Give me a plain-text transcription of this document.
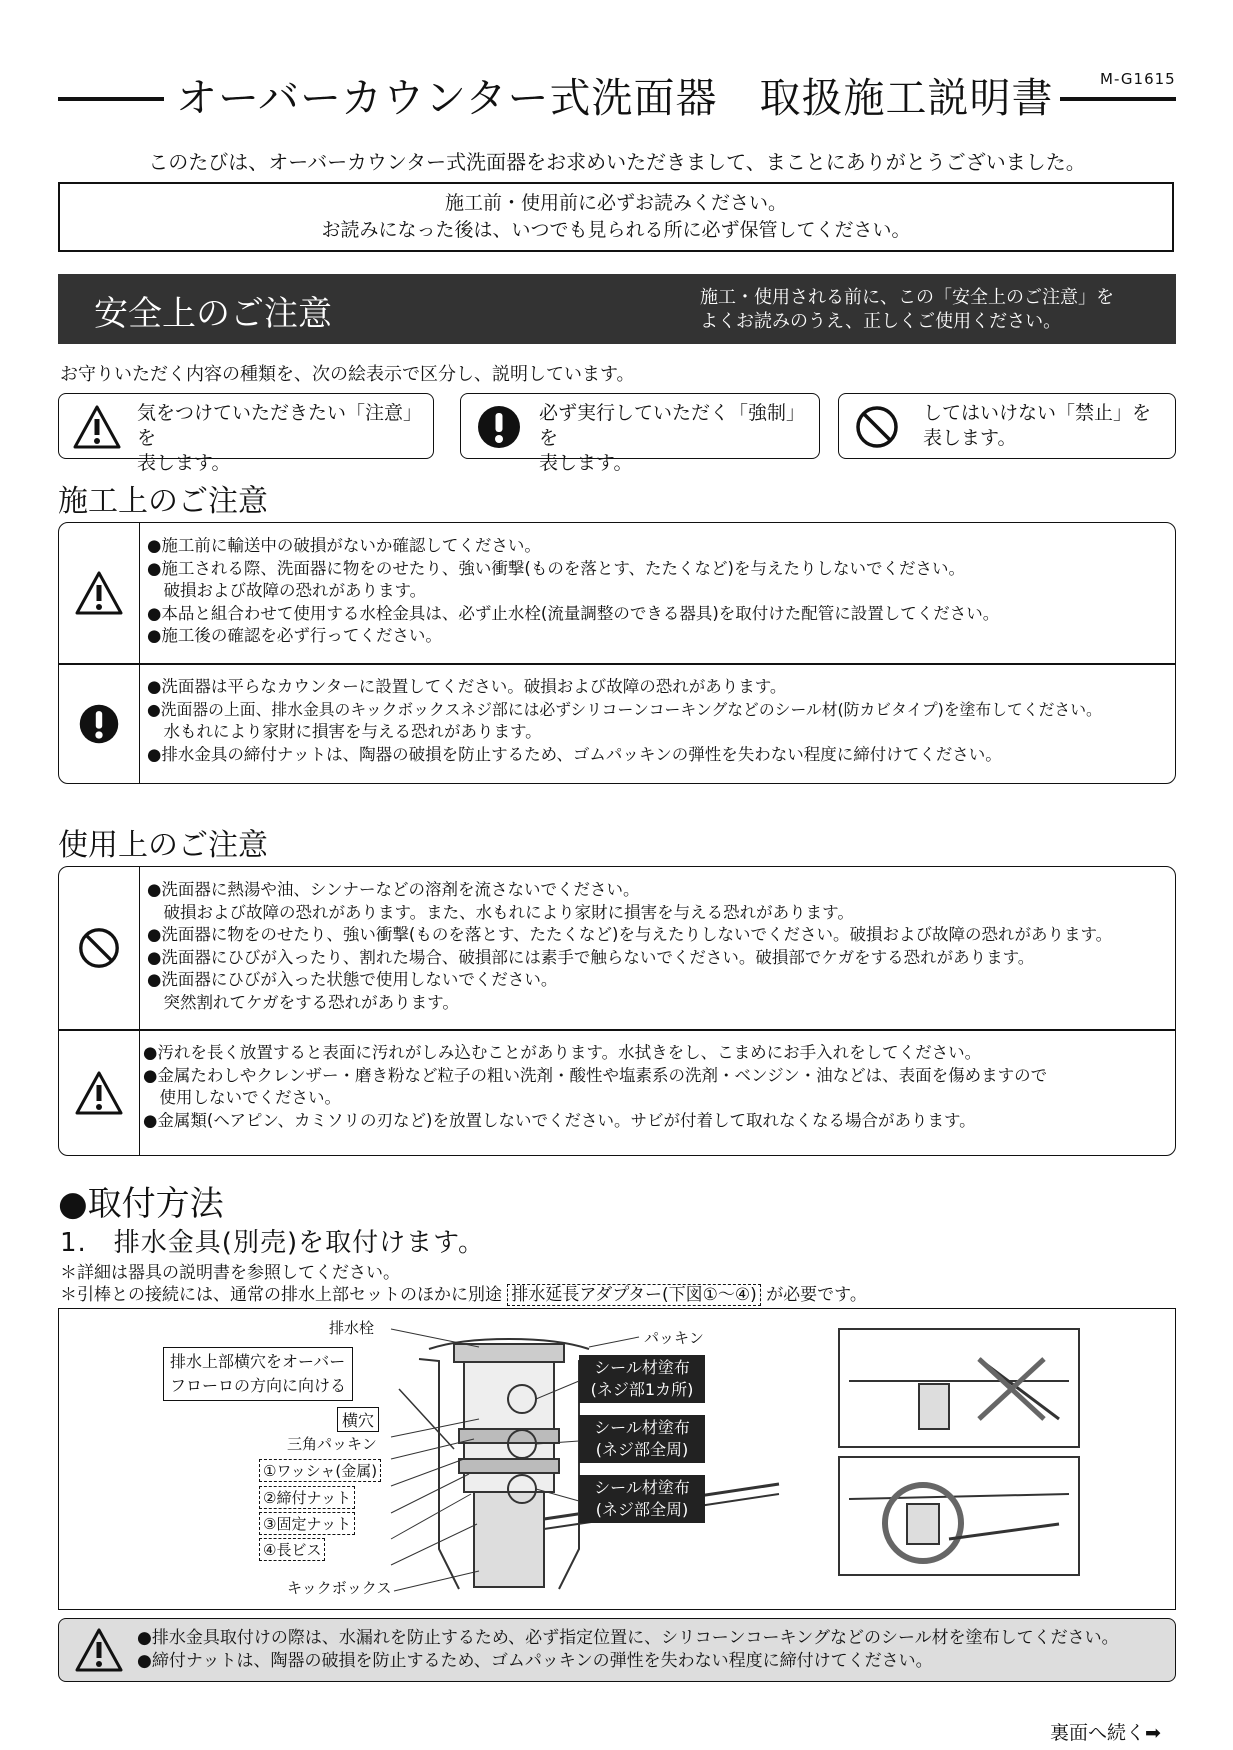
M-G1615
オーバーカウンター式洗面器　取扱施工説明書
このたびは、オーバーカウンター式洗面器をお求めいただきまして、まことにありがとうございました。
施工前・使用前に必ずお読みください。
お読みになった後は、いつでも見られる所に必ず保管してください。
安全上のご注意	施工・使用される前に、この「安全上のご注意」を
よくお読みのうえ、正しくご使用ください。
お守りいただく内容の種類を、次の絵表示で区分し、説明しています。
気をつけていただきたい「注意」を
表します。
必ず実行していただく「強制」を
表します。
してはいけない「禁止」を
表します。
施工上のご注意
●施工前に輸送中の破損がないか確認してください。
●施工される際、洗面器に物をのせたり、強い衝撃(ものを落とす、たたくなど)を与えたりしないでください。
　破損および故障の恐れがあります。
●本品と組合わせて使用する水栓金具は、必ず止水栓(流量調整のできる器具)を取付けた配管に設置してください。
●施工後の確認を必ず行ってください。
●洗面器は平らなカウンターに設置してください。破損および故障の恐れがあります。
●洗面器の上面、排水金具のキックボックスネジ部には必ずシリコーンコーキングなどのシール材(防カビタイプ)を塗布してください。
　水もれにより家財に損害を与える恐れがあります。
●排水金具の締付ナットは、陶器の破損を防止するため、ゴムパッキンの弾性を失わない程度に締付けてください。
使用上のご注意
●洗面器に熱湯や油、シンナーなどの溶剤を流さないでください。
　破損および故障の恐れがあります。また、水もれにより家財に損害を与える恐れがあります。
●洗面器に物をのせたり、強い衝撃(ものを落とす、たたくなど)を与えたりしないでください。破損および故障の恐れがあります。
●洗面器にひびが入ったり、割れた場合、破損部には素手で触らないでください。破損部でケガをする恐れがあります。
●洗面器にひびが入った状態で使用しないでください。
　突然割れてケガをする恐れがあります。
●汚れを長く放置すると表面に汚れがしみ込むことがあります。水拭きをし、こまめにお手入れをしてください。
●金属たわしやクレンザー・磨き粉など粒子の粗い洗剤・酸性や塩素系の洗剤・ベンジン・油などは、表面を傷めますので
　使用しないでください。
●金属類(ヘアピン、カミソリの刃など)を放置しないでください。サビが付着して取れなくなる場合があります。
●取付方法
1.　排水金具(別売)を取付けます。
＊詳細は器具の説明書を参照してください。
＊引棒との接続には、通常の排水上部セットのほかに別途 排水延長アダプター(下図①～④) が必要です。
排水栓
パッキン
排水上部横穴をオーバー
フローロの方向に向ける
横穴
三角パッキン
①ワッシャ(金属)
②締付ナット
③固定ナット
④長ビス
キックボックス
シール材塗布
(ネジ部1カ所)
シール材塗布
(ネジ部全周)
シール材塗布
(ネジ部全周)
●排水金具取付けの際は、水漏れを防止するため、必ず指定位置に、シリコーンコーキングなどのシール材を塗布してください。
●締付ナットは、陶器の破損を防止するため、ゴムパッキンの弾性を失わない程度に締付けてください。
裏面へ続く➡
